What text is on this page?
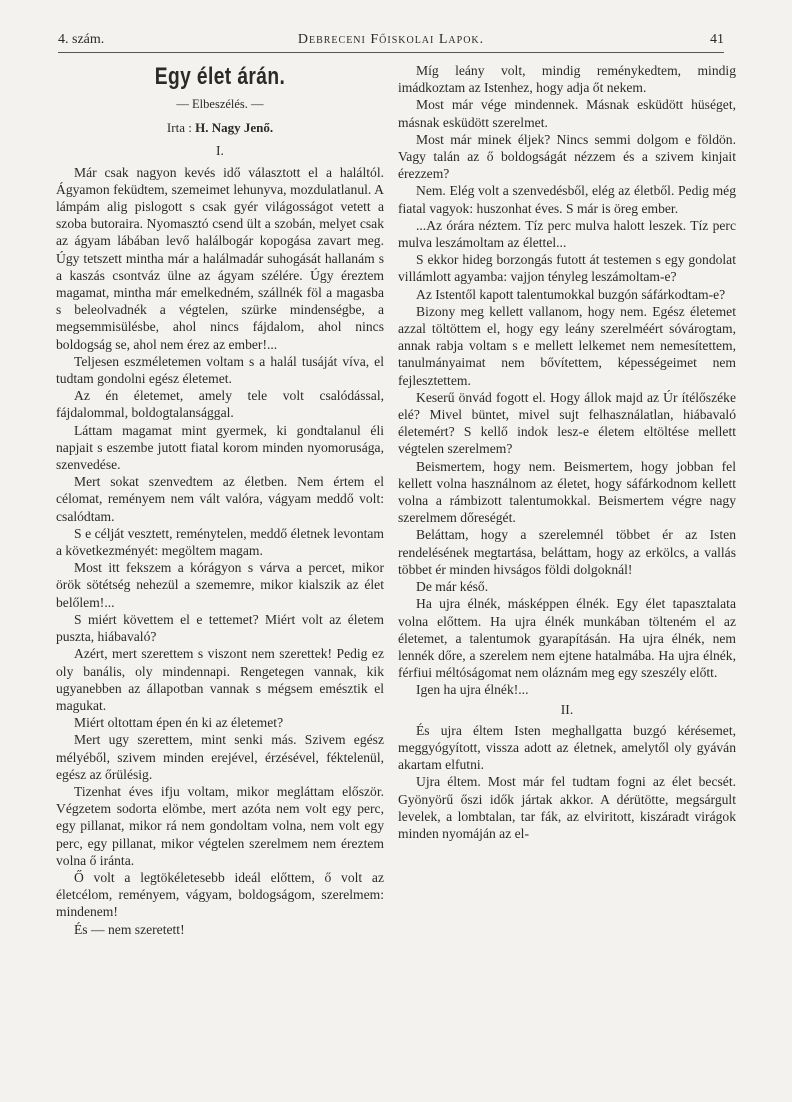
4. szám.	Debreceni Főiskolai Lapok.	41
Egy élet árán.
— Elbeszélés. —
Irta : H. Nagy Jenő.
I.

Már csak nagyon kevés idő választott el a haláltól. Ágyamon feküdtem, szemeimet lehunyva, mozdulatlanul. A lámpám alig pislogott s csak gyér világosságot vetett a szoba butoraira. Nyomasztó csend ült a szobán, melyet csak az ágyam lábában levő halálbogár kopogása zavart meg. Úgy tetszett mintha már a halálmadár suhogását hallanám s a kaszás csontváz ülne az ágyam szélére. Úgy éreztem magamat, mintha már emelkedném, szállnék föl a magasba s beleolvadnék a végtelen, szürke mindenségbe, a megsemmisülésbe, ahol nincs fájdalom, ahol nincs boldogság se, ahol nem érez az ember!...

Teljesen eszméletemen voltam s a halál tusáját víva, el tudtam gondolni egész életemet.

Az én életemet, amely tele volt csalódással, fájdalommal, boldogtalansággal.

Láttam magamat mint gyermek, ki gondtalanul éli napjait s eszembe jutott fiatal korom minden nyomorusága, szenvedése.

Mert sokat szenvedtem az életben. Nem értem el célomat, reményem nem vált valóra, vágyam meddő volt: csalódtam.

S e célját vesztett, reménytelen, meddő életnek levontam a következményét: megöltem magam.

Most itt fekszem a kórágyon s várva a percet, mikor örök sötétség nehezül a szememre, mikor kialszik az élet belőlem!...

S miért követtem el e tettemet? Miért volt az életem puszta, hiábavaló?

Azért, mert szerettem s viszont nem szerettek! Pedig ez oly banális, oly mindennapi. Rengetegen vannak, kik ugyanebben az állapotban vannak s mégsem emésztik el magukat.

Miért oltottam épen én ki az életemet?

Mert ugy szerettem, mint senki más. Szivem egész mélyéből, szivem minden erejével, érzésével, féktelenül, egész az őrülésig.

Tizenhat éves ifju voltam, mikor megláttam először. Végzetem sodorta elömbe, mert azóta nem volt egy perc, egy pillanat, mikor rá nem gondoltam volna, nem volt egy perc, egy pillanat, mikor végtelen szerelmem nem éreztem volna ő iránta.

Ő volt a legtökéletesebb ideál előttem, ő volt az életcélom, reményem, vágyam, boldogságom, szerelmem: mindenem!

És — nem szeretett!

Míg leány volt, mindig reménykedtem, mindig imádkoztam az Istenhez, hogy adja őt nekem.

Most már vége mindennek. Másnak esküdött hüséget, másnak esküdött szerelmet.

Most már minek éljek? Nincs semmi dolgom e földön. Vagy talán az ő boldogságát nézzem és a szivem kinjait érezzem?

Nem. Elég volt a szenvedésből, elég az életből. Pedig még fiatal vagyok: huszonhat éves. S már is öreg ember.

...Az órára néztem. Tíz perc mulva halott leszek. Tíz perc mulva leszámoltam az élettel...

S ekkor hideg borzongás futott át testemen s egy gondolat villámlott agyamba: vajjon tényleg leszámoltam-e?

Az Istentől kapott talentumokkal buzgón sáfárkodtam-e?

Bizony meg kellett vallanom, hogy nem. Egész életemet azzal töltöttem el, hogy egy leány szerelméért sóvárogtam, annak rabja voltam s e mellett lelkemet nem nemesítettem, tanulmányaimat nem bővítettem, képességeimet nem fejlesztettem.

Keserű önvád fogott el. Hogy állok majd az Úr ítélőszéke elé? Mivel büntet, mivel sujt felhasználatlan, hiábavaló életemért? S kellő indok lesz-e életem eltöltése mellett végtelen szerelmem?

Beismertem, hogy nem. Beismertem, hogy jobban fel kellett volna használnom az életet, hogy sáfárkodnom kellett volna a rámbizott talentumokkal. Beismertem végre nagy szerelmem dőreségét.

Beláttam, hogy a szerelemnél többet ér az Isten rendelésének megtartása, beláttam, hogy az erkölcs, a vallás többet ér minden hivságos földi dolgoknál!

De már késő.

Ha ujra élnék, másképpen élnék. Egy élet tapasztalata volna előttem. Ha ujra élnék munkában tölteném el az életemet, a talentumok gyarapításán. Ha ujra élnék, nem lennék dőre, a szerelem nem ejtene hatalmába. Ha ujra élnék, férfiui méltóságomat nem oláznám meg egy szeszély előtt.

Igen ha ujra élnék!...

II.

És ujra éltem Isten meghallgatta buzgó kérésemet, meggyógyított, vissza adott az életnek, amelytől oly gyáván akartam elfutni.

Ujra éltem. Most már fel tudtam fogni az élet becsét. Gyönyörű őszi idők jártak akkor. A dérütötte, megsárgult levelek, a lombtalan, tar fák, az elviritott, kiszáradt virágok minden nyomáján az el-
